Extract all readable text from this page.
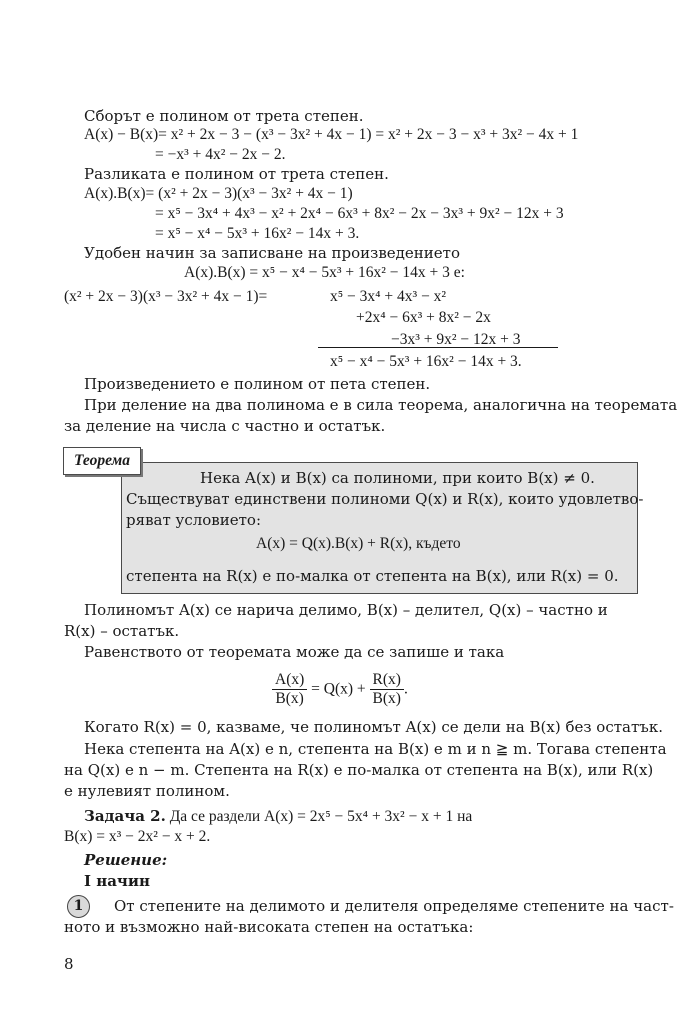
Сборът е полином от трета степен.
A(x) − B(x)= x² + 2x − 3 − (x³ − 3x² + 4x − 1) = x² + 2x − 3 − x³ + 3x² − 4x + 1
= −x³ + 4x² − 2x − 2.
Разликата е полином от трета степен.
A(x).B(x)= (x² + 2x − 3)(x³ − 3x² + 4x − 1)
= x⁵ − 3x⁴ + 4x³ − x² + 2x⁴ − 6x³ + 8x² − 2x − 3x³ + 9x² − 12x + 3
= x⁵ − x⁴ − 5x³ + 16x² − 14x + 3.
Удобен начин за записване на произведението
A(x).B(x) = x⁵ − x⁴ − 5x³ + 16x² − 14x + 3 е:
(x² + 2x − 3)(x³ − 3x² + 4x − 1)=	x⁵ − 3x⁴ + 4x³ − x²
+2x⁴ − 6x³ + 8x² − 2x
−3x³ + 9x² − 12x + 3
x⁵ − x⁴ − 5x³ + 16x² − 14x + 3.
Произведението е полином от пета степен.
При деление на два полинома е в сила теорема, аналогична на теоремата
за деление на числа с частно и остатък.
Теорема
Нека A(x) и B(x) са полиноми, при които B(x) ≠ 0.
Съществуват единствени полиноми Q(x) и R(x), които удовлетво-
ряват условието:
A(x) = Q(x).B(x) + R(x), където
степента на R(x) е по-малка от степента на B(x), или R(x) = 0.
Полиномът A(x) се нарича делимо, B(x) – делител, Q(x) – частно и
R(x) – остатък.
Равенството от теоремата може да се запише и така
$\frac{A(x)}{B(x)} = Q(x) + \frac{R(x)}{B(x)}$ .
Когато R(x) = 0, казваме, че полиномът A(x) се дели на B(x) без остатък.
Нека степента на A(x) е n, степента на B(x) е m и n ≧ m. Тогава степента
на Q(x) е n − m. Степента на R(x) е по-малка от степента на B(x), или R(x)
е нулевият полином.
Задача 2. Да се раздели A(x) = 2x⁵ − 5x⁴ + 3x² − x + 1 на
B(x) = x³ − 2x² − x + 2.
Решение:
I начин
1	От степените на делимото и делителя определяме степените на част-
ното и възможно най-високата степен на остатъка:
8
